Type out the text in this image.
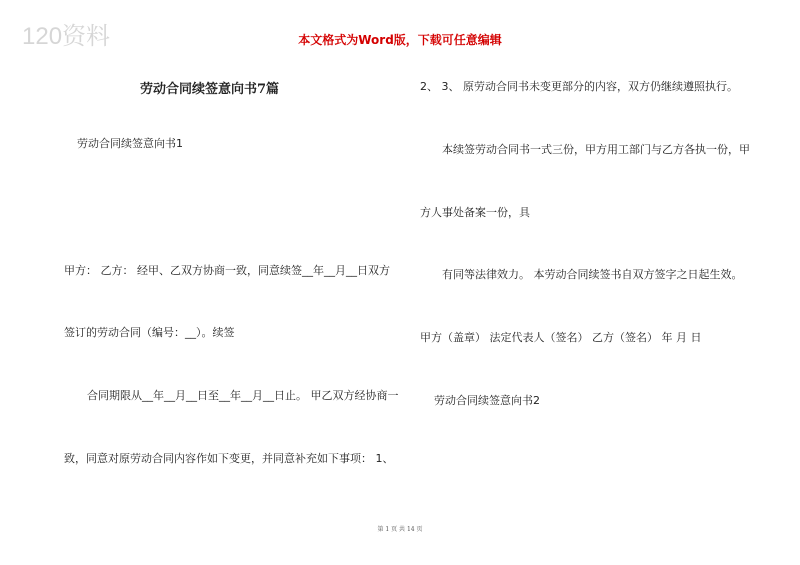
120资料	本文格式为Word版，下载可任意编辑
劳动合同续签意向书7篇
劳动合同续签意向书1
甲方： 乙方： 经甲、乙双方协商一致，同意续签__年__月__日双方
签订的劳动合同（编号：__）。续签
合同期限从__年__月__日至__年__月__日止。 甲乙双方经协商一
致，同意对原劳动合同内容作如下变更，并同意补充如下事项： 1、
2、 3、 原劳动合同书未变更部分的内容，双方仍继续遵照执行。
本续签劳动合同书一式三份，甲方用工部门与乙方各执一份，甲
方人事处备案一份，具
有同等法律效力。 本劳动合同续签书自双方签字之日起生效。
甲方（盖章） 法定代表人（签名） 乙方（签名） 年 月 日
劳动合同续签意向书2
第 1 页 共 14 页
